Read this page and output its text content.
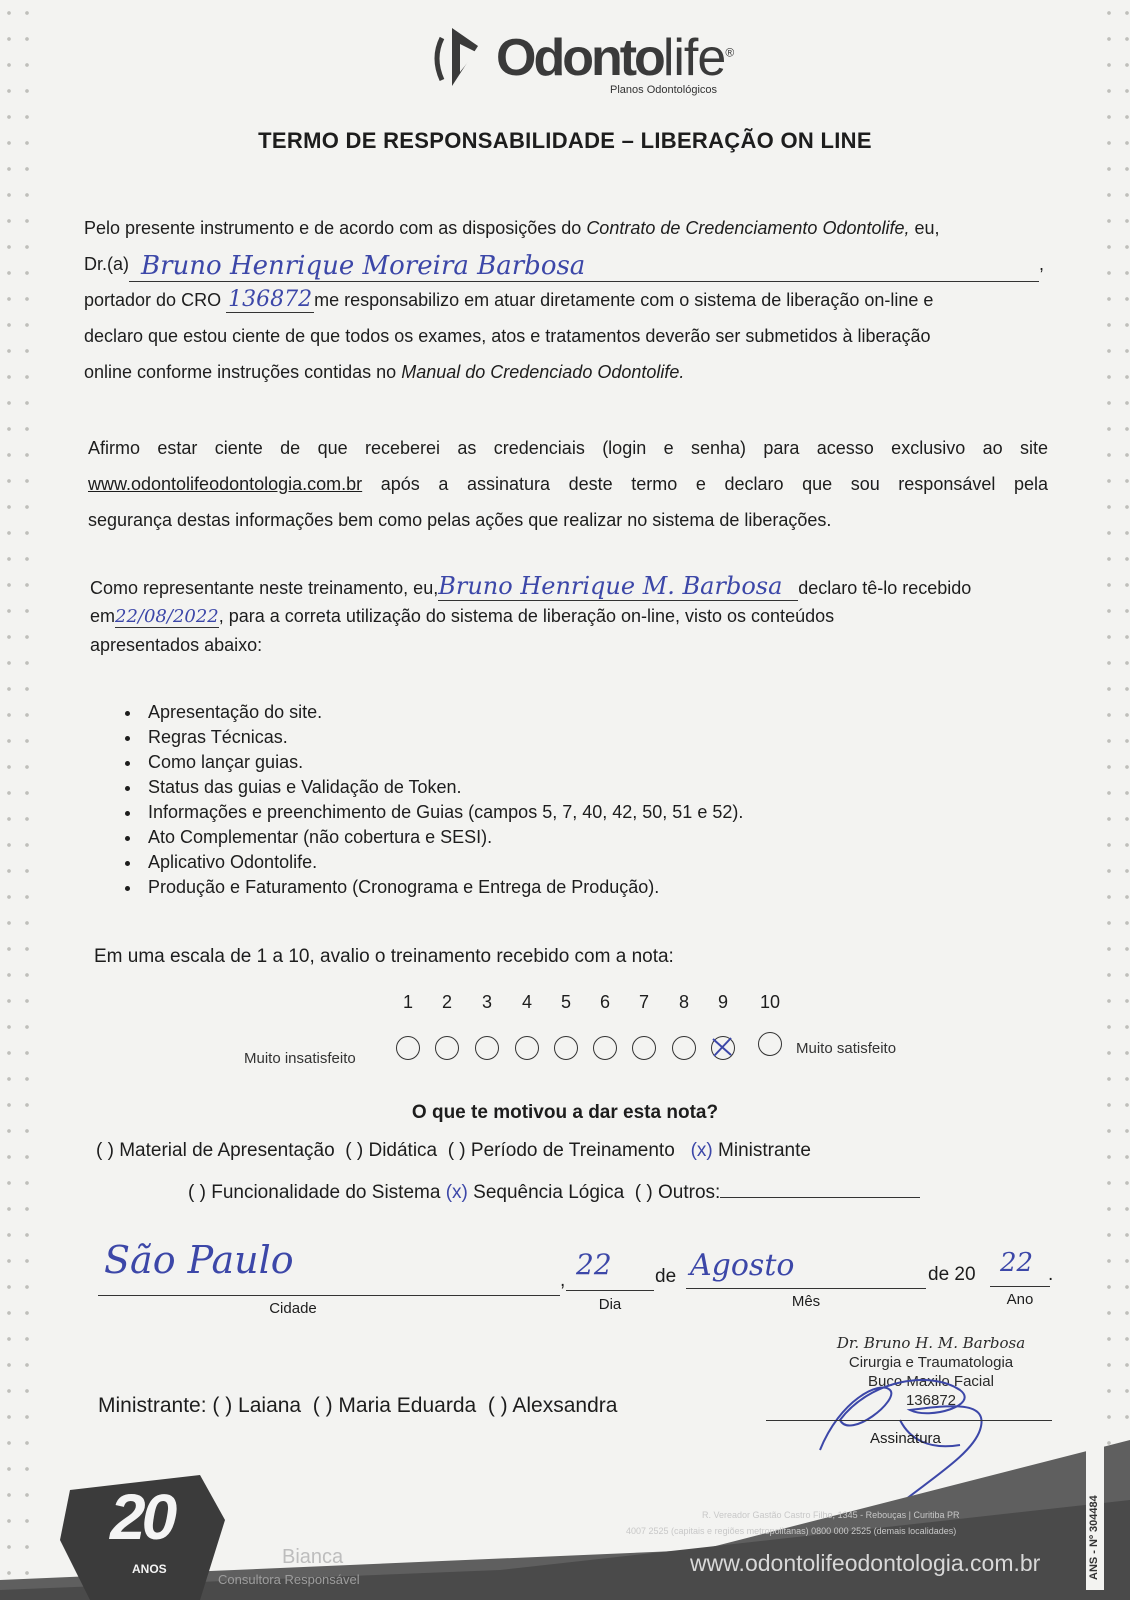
Odontolife®
Planos Odontológicos
TERMO DE RESPONSABILIDADE – LIBERAÇÃO ON LINE
Pelo presente instrumento e de acordo com as disposições do Contrato de Credenciamento Odontolife, eu,
Dr.(a) Bruno Henrique Moreira Barbosa	,
portador do CRO 136872 me responsabilizo em atuar diretamente com o sistema de liberação on-line e
declaro que estou ciente de que todos os exames, atos e tratamentos deverão ser submetidos à liberação
online conforme instruções contidas no Manual do Credenciado Odontolife.
Afirmo estar ciente de que receberei as credenciais (login e senha) para acesso exclusivo ao site
www.odontolifeodontologia.com.br após a assinatura deste termo e declaro que sou responsável pela
segurança destas informações bem como pelas ações que realizar no sistema de liberações.
Como representante neste treinamento, eu,Bruno Henrique M. Barbosa declaro tê-lo recebido
em22/08/2022, para a correta utilização do sistema de liberação on-line, visto os conteúdos
apresentados abaixo:
• Apresentação do site.
• Regras Técnicas.
• Como lançar guias.
• Status das guias e Validação de Token.
• Informações e preenchimento de Guias (campos 5, 7, 40, 42, 50, 51 e 52).
• Ato Complementar (não cobertura e SESI).
• Aplicativo Odontolife.
• Produção e Faturamento (Cronograma e Entrega de Produção).
Em uma escala de 1 a 10, avalio o treinamento recebido com a nota:
1	2	3	4	5	6	7	8	9	10
Muito insatisfeito
Muito satisfeito
O que te motivou a dar esta nota?
( ) Material de Apresentação ( ) Didática ( ) Período de Treinamento (x) Ministrante
( ) Funcionalidade do Sistema (x) Sequência Lógica ( ) Outros:
São Paulo
Cidade
, 22
Dia
de Agosto
Mês
de 20 22 .
Ano
Dr. Bruno H. M. Barbosa
Cirurgia e Traumatologia
Buco Maxilo Facial
136872
Assinatura
Ministrante: ( ) Laiana ( ) Maria Eduarda ( ) Alexsandra
20
ANOS
Bianca
Consultora Responsável
R. Vereador Gastão Castro Filho, 1345 - Rebouças | Curitiba PR
4007 2525 (capitais e regiões metropolitanas) 0800 000 2525 (demais localidades)
www.odontolifeodontologia.com.br	ANS - Nº 304484
